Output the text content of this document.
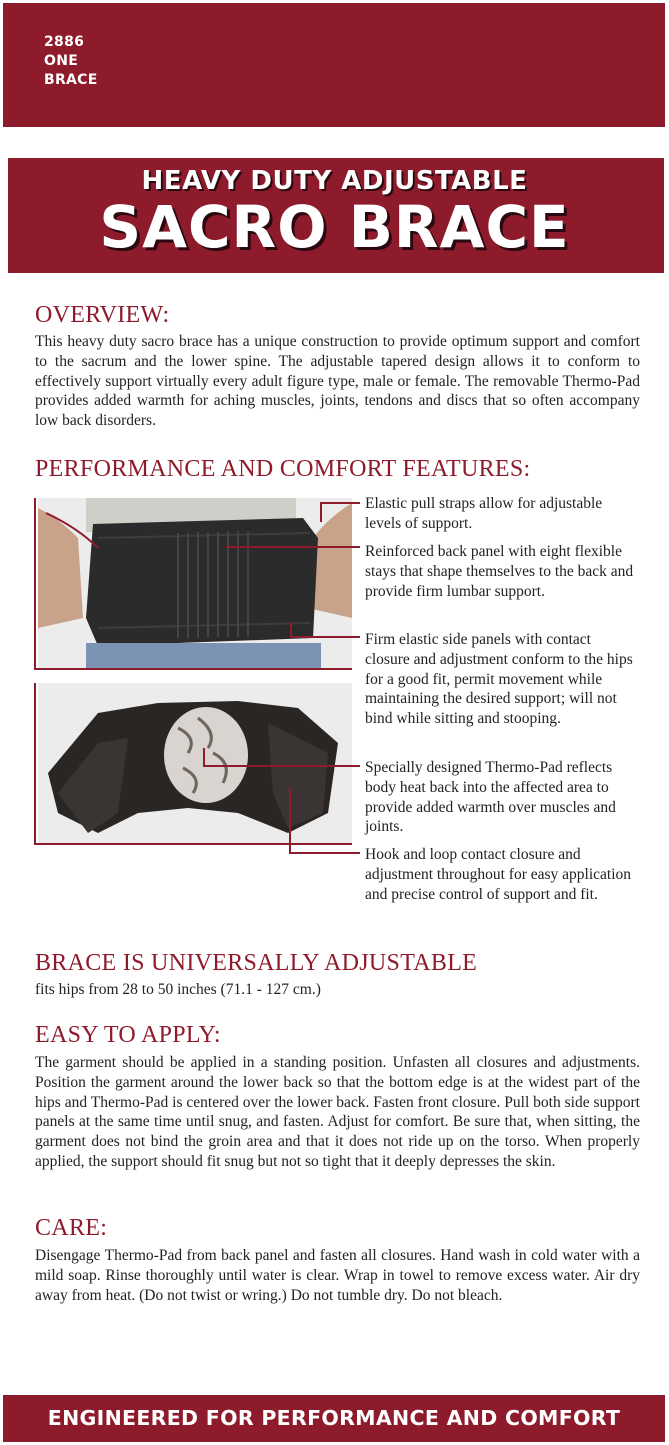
2886
ONE
BRACE
HEAVY DUTY ADJUSTABLE
SACRO BRACE
OVERVIEW:

This heavy duty sacro brace has a unique construction to provide optimum support and comfort to the sacrum and the lower spine. The adjustable tapered design allows it to conform to effectively support virtually every adult figure type, male or female. The removable Thermo-Pad provides added warmth for aching muscles, joints, tendons and discs that so often accompany low back disorders.

PERFORMANCE AND COMFORT FEATURES:
Elastic pull straps allow for adjustable levels of support.
Reinforced back panel with eight flexible stays that shape themselves to the back and provide firm lumbar support.
Firm elastic side panels with contact closure and adjustment conform to the hips for a good fit, permit movement while maintaining the desired support; will not bind while sitting and stooping.
Specially designed Thermo-Pad reflects body heat back into the affected area to provide added warmth over muscles and joints.
Hook and loop contact closure and adjustment throughout for easy application and precise control of support and fit.
BRACE IS UNIVERSALLY ADJUSTABLE

fits hips from 28 to 50 inches (71.1 - 127 cm.)

EASY TO APPLY:

The garment should be applied in a standing position. Unfasten all closures and adjustments. Position the garment around the lower back so that the bottom edge is at the widest part of the hips and Thermo-Pad is centered over the lower back. Fasten front closure. Pull both side support panels at the same time until snug, and fasten. Adjust for comfort. Be sure that, when sitting, the garment does not bind the groin area and that it does not ride up on the torso. When properly applied, the support should fit snug but not so tight that it deeply depresses the skin.

CARE:

Disengage Thermo-Pad from back panel and fasten all closures. Hand wash in cold water with a mild soap. Rinse thoroughly until water is clear. Wrap in towel to remove excess water. Air dry away from heat. (Do not twist or wring.) Do not tumble dry. Do not bleach.

ENGINEERED FOR PERFORMANCE AND COMFORT
